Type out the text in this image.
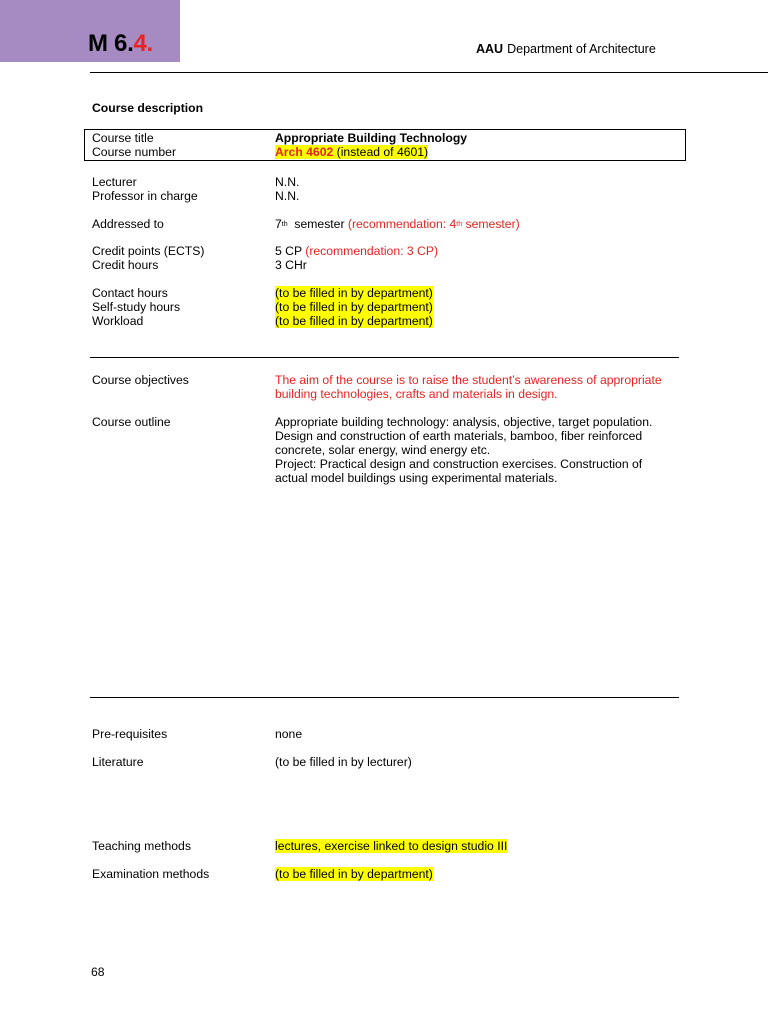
M 6.4.	AAU Department of Architecture
Course description
Course title	Appropriate Building Technology
Course number	Arch 4602 (instead of 4601)
Lecturer	N.N.
Professor in charge	N.N.
Addressed to	7th  semester (recommendation: 4th semester)
Credit points (ECTS)	5 CP (recommendation: 3 CP)
Credit hours	3 CHr
Contact hours	(to be filled in by department)
Self-study hours	(to be filled in by department)
Workload	(to be filled in by department)
Course objectives	The aim of the course is to raise the student’s awareness of appropriate
building technologies, crafts and materials in design.
Course outline	Appropriate building technology: analysis, objective, target population.
Design and construction of earth materials, bamboo, fiber reinforced
concrete, solar energy, wind energy etc.
Project: Practical design and construction exercises. Construction of
actual model buildings using experimental materials.
Pre-requisites	none
Literature	(to be filled in by lecturer)
Teaching methods	lectures, exercise linked to design studio III
Examination methods	(to be filled in by department)
68
